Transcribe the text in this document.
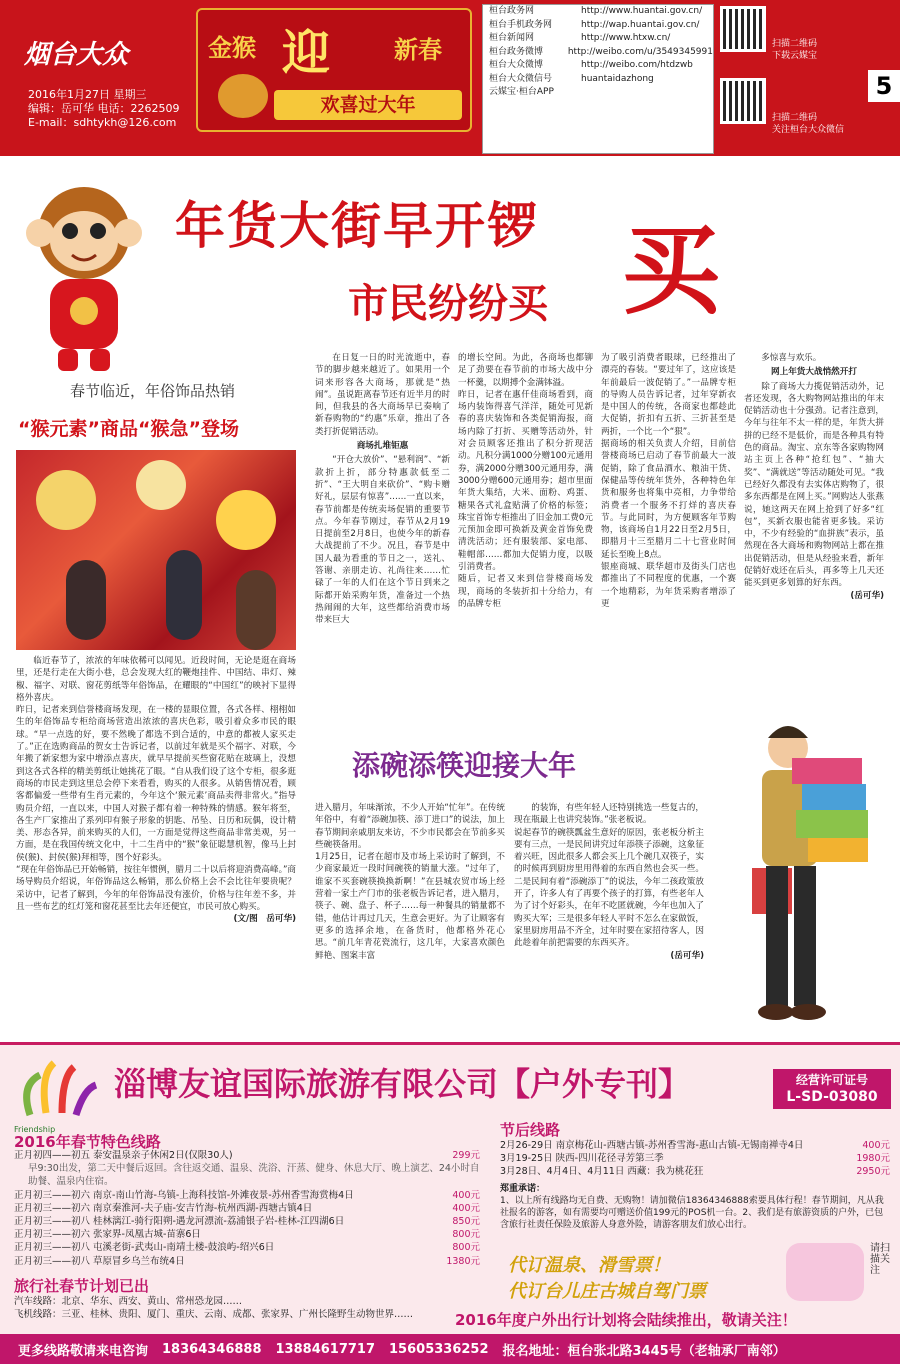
烟台大众
2016年1月27日 星期三
编辑：岳可华 电话：2262509
E-mail：sdhtykh@126.com
金猴 迎	新春
欢喜过大年
桓台政务网	http://www.huantai.gov.cn/
桓台手机政务网	http://wap.huantai.gov.cn/
桓台新闻网	http://www.htxw.cn/
桓台政务微博	http://weibo.com/u/3549345991
桓台大众微博	http://weibo.com/htdzwb
桓台大众微信号	huantaidazhong
云媒宝·桓台APP
扫描二维码
下载云媒宝
扫描二维码
关注桓台大众微信
5
年货大街早开锣
市民纷纷买 买
春节临近，年俗饰品热销
“猴元素”商品“猴急”登场

临近春节了，浓浓的年味依稀可以闻见。近段时间，无论是逛在商场里，还是行走在大街小巷，总会发现大红的鞭炮挂件、中国结、串灯、辣椒、福字、对联、窗花剪纸等年俗饰品，在耀眼的“中国红”的映衬下显得格外喜庆。
昨日，记者来到信誉楼商场发现，在一楼的显眼位置，各式各样、栩栩如生的年俗饰品专柜给商场营造出浓浓的喜庆色彩，吸引着众多市民的眼球。“早一点选的好，要不然晚了都选不到合适的，中意的都被人家买走了。”正在选购商品的贺女士告诉记者，以前过年就是买个福字、对联，今年搬了新家想为家中增添点喜庆，就早早提前买些窗花贴在玻璃上，没想到这各式各样的精美剪纸让她挑花了眼。“自从我们设了这个专柜，很多逛商场的市民走到这里总会停下来看看，购买的人很多。从销售情况看，顾客都偏爱一些带有生肖元素的，今年这个‘猴元素’商品卖得非常火。”指导购员介绍，一直以来，中国人对猴子都有着一种特殊的情感。猴年将至，各生产厂家推出了系列印有猴子形象的钥匙、吊坠、日历和玩偶，设计精美、形态各异，前来购买的人们，一方面是觉得这些商品非常美观，另一方面，是在我国传统文化中，十二生肖中的“猴”象征聪慧机智，像马上封侯(猴)、封侯(猴)拜相等，图个好彩头。
“现在年俗饰品已开始畅销，按往年惯例，腊月二十以后将迎消费高峰。”商场导购员介绍说，年俗饰品这么畅销，那么价格上会不会比往年要贵呢？采访中，记者了解到，今年的年俗饰品没有涨价，价格与往年差不多，并且一些布艺的红灯笼和窗花甚至比去年还便宜，市民可放心购买。

(文/图　岳可华)

在日复一日的时光流逝中，春节的脚步越来越近了。如果用一个词来形容各大商场，那就是“热闹”。虽说距离春节还有近半月的时间，但我县的各大商场早已奏响了新春购物的“约惠”乐章，推出了各类打折促销活动。

商场扎堆钜惠

“开仓大放价”、“悬利润”、“新款折上折，部分特惠款低至二折”、“王大明自来砍价”、“购卡赠好礼，层层有惊喜”……一直以来，春节前都是传统卖场促销的重要节点。今年春节刚过，春节从2月19日提前至2月8日，也使今年的新春大战提前了不少。况且，春节是中国人最为看重的节日之一，送礼、答谢、亲朋走访、礼尚往来……忙碌了一年的人们在这个节日到来之际都开始采购年货，准备过一个热热闹闹的大年，这些都给消费市场带来巨大

的增长空间。为此，各商场也都铆足了劲要在春节前的市场大战中分一杯羹，以期搏个金满钵溢。
昨日，记者在惠仟佳商场看到，商场内装饰得喜气洋洋，随处可见新春的喜庆装饰和各类促销海报，商场内除了打折、买赠等活动外，针对会员顾客还推出了积分折现活动。凡积分满1000分赠100元通用券，满2000分赠300元通用券，满3000分赠600元通用券；超市里面年货大集结，大米、面粉、鸡蛋、糖果各式礼盒贴满了价格的标签；珠宝首饰专柜推出了旧金加工费0元元预加金即可换新及黄金首饰免费清洗活动；还有服装部、家电部、鞋帽部……都加大促销力度，以吸引消费者。
随后，记者又来到信誉楼商场发现，商场的冬装折扣十分给力，有的品牌专柜
为了吸引消费者眼球，已经推出了漂亮的春装。“要过年了，这应该是年前最后一波促销了。”一品牌专柜的导购人员告诉记者，过年穿新衣是中国人的传统，各商家也都趁此大促销，折扣有五折、三折甚至是两折，一个比一个“狠”。
据商场的相关负责人介绍，目前信誉楼商场已启动了春节前最大一波促销，除了食品酒水、粮油干货、保健品等传统年货外，各种特色年货和服务也将集中亮相，力争带给消费者一个服务不打烊的喜庆春节。与此同时，为方便顾客年节购物，该商场自1月22日至2月5日，即腊月十三至腊月二十七营业时间延长至晚上8点。
银座商城、联华超市及街头门店也都推出了不同程度的优惠，一个赛一个地精彩，为年货采购者增添了更

多惊喜与欢乐。

网上年货大战悄然开打

除了商场大力揽促销活动外，记者还发现，各大购物网站推出的年末促销活动也十分强劲。记者注意到，今年与往年不太一样的是，年货大拼拼的已经不是低价，而是各种具有特色的商品。淘宝、京东等各家购物网站主页上各种“抢红包”、“抽大奖”、“满就送”等活动随处可见。“我已经好久都没有去实体店购物了，很多东西都是在网上买。”网购达人张燕说，她这两天在网上抢到了好多“红包”，买新衣服也能省更多钱。采访中，不少有经验的“血拼族”表示，虽然现在各大商场和购物网站上都在推出促销活动，但是从经验来看，新年促销好戏还在后头，再多等上几天还能买到更多划算的好东西。

(岳可华)

添碗添筷迎接大年
进入腊月，年味渐浓，不少人开始“忙年”。在传统年俗中，有着“添碗加筷、添丁进口”的说法，加上春节期间亲戚朋友来访，不少市民都会在节前多买些碗筷备用。
1月25日，记者在超市及市场上采访时了解到，不少商家最近一段时间碗筷的销量大涨。“过年了，谁家不买套碗筷换换新啊！”在县城农贸市场上经营着一家土产门市的张老板告诉记者，进入腊月，筷子、碗、盘子、杯子……每一种餐具的销量都不错，他估计再过几天，生意会更好。为了让顾客有更多的选择余地，在备货时，他都格外花心思。“前几年青花瓷流行，这几年，大家喜欢颜色鲜艳、图案丰富

的装饰，有些年轻人还特别挑选一些复古的，现在瓶最上也讲究装饰。”张老板说。
说起春节的碗筷瓢盆生意好的原因，张老板分析主要有三点，一是民间讲究过年添筷子添碗，这象征着兴旺，因此很多人都会买上几个碗几双筷子，实的时候再到厨房里用得着的东西自然也会买一些。二是民间有着“添碗添丁”的说法，今年二孩政策放开了，许多人有了再要个孩子的打算，有些老年人为了讨个好彩头，在年不吃匿就碗，今年也加入了购买大军；三是很多年轻人平时不怎么在家做饭，家里厨房用品不齐全，过年时要在家招待客人，因此趁着年前把需要的东西买齐。

(岳可华)

Friendship
淄博友谊国际旅游有限公司【户外专刊】	经营许可证号
L-SD-03080
2016年春节特色线路
正月初四——初五 泰安温泉亲子休闲2日(仅限30人)	299元
早9:30出发，第二天中餐后返回。含往返交通、温泉、洗浴、汗蒸、健身、休息大厅、晚上演艺、24小时自助餐、温泉内住宿。
正月初三——初六 南京-南山竹海-乌镇-上海科技馆-外滩夜景-苏州香雪海赏梅4日	400元
正月初三——初六 南京秦淮河-夫子庙-安吉竹海-杭州西湖-西塘古镇4日	400元
正月初三——初八 桂林漓江-骑行阳朔-遇龙河漂流-荔浦银子岩-桂林-江四湖6日	850元
正月初三——初六 张家界-凤凰古城-苗寨6日	800元
正月初三——初八 屯溪老街-武夷山-南靖土楼-鼓浪屿-绍兴6日	800元
正月初三——初八 草原冒乡乌兰布统4日	1380元
旅行社春节计划已出
汽车线路：北京、华东、西安、黄山、常州恐龙园……
飞机线路：三亚、桂林、贵阳、厦门、重庆、云南、成都、张家界、广州长隆野生动物世界……
节后线路
2月26-29日 南京梅花山-西塘古镇-苏州香雪海-惠山古镇-无锡南禅寺4日	400元
3月19-25日 陕西-四川花径寻芳第三季	1980元
3月28日、4月4日、4月11日 西藏：我为桃花狂	2950元
郑重承诺：
1、以上所有线路均无自费、无购物！请加微信18364346888索要具体行程！春节期间，凡从我社报名的游客，如有需要均可赠送价值199元的POS机一台。2、我们是有旅游资质的户外，已包含旅行社责任保险及旅游人身意外险，请游客朋友们放心出行。
代订温泉、滑雪票！
代订台儿庄古城自驾门票
请扫描关注
2016年度户外出行计划将会陆续推出，敬请关注！
更多线路敬请来电咨询 18364346888 13884617717 15605336252 报名地址：桓台张北路3445号（老轴承厂南邻）
